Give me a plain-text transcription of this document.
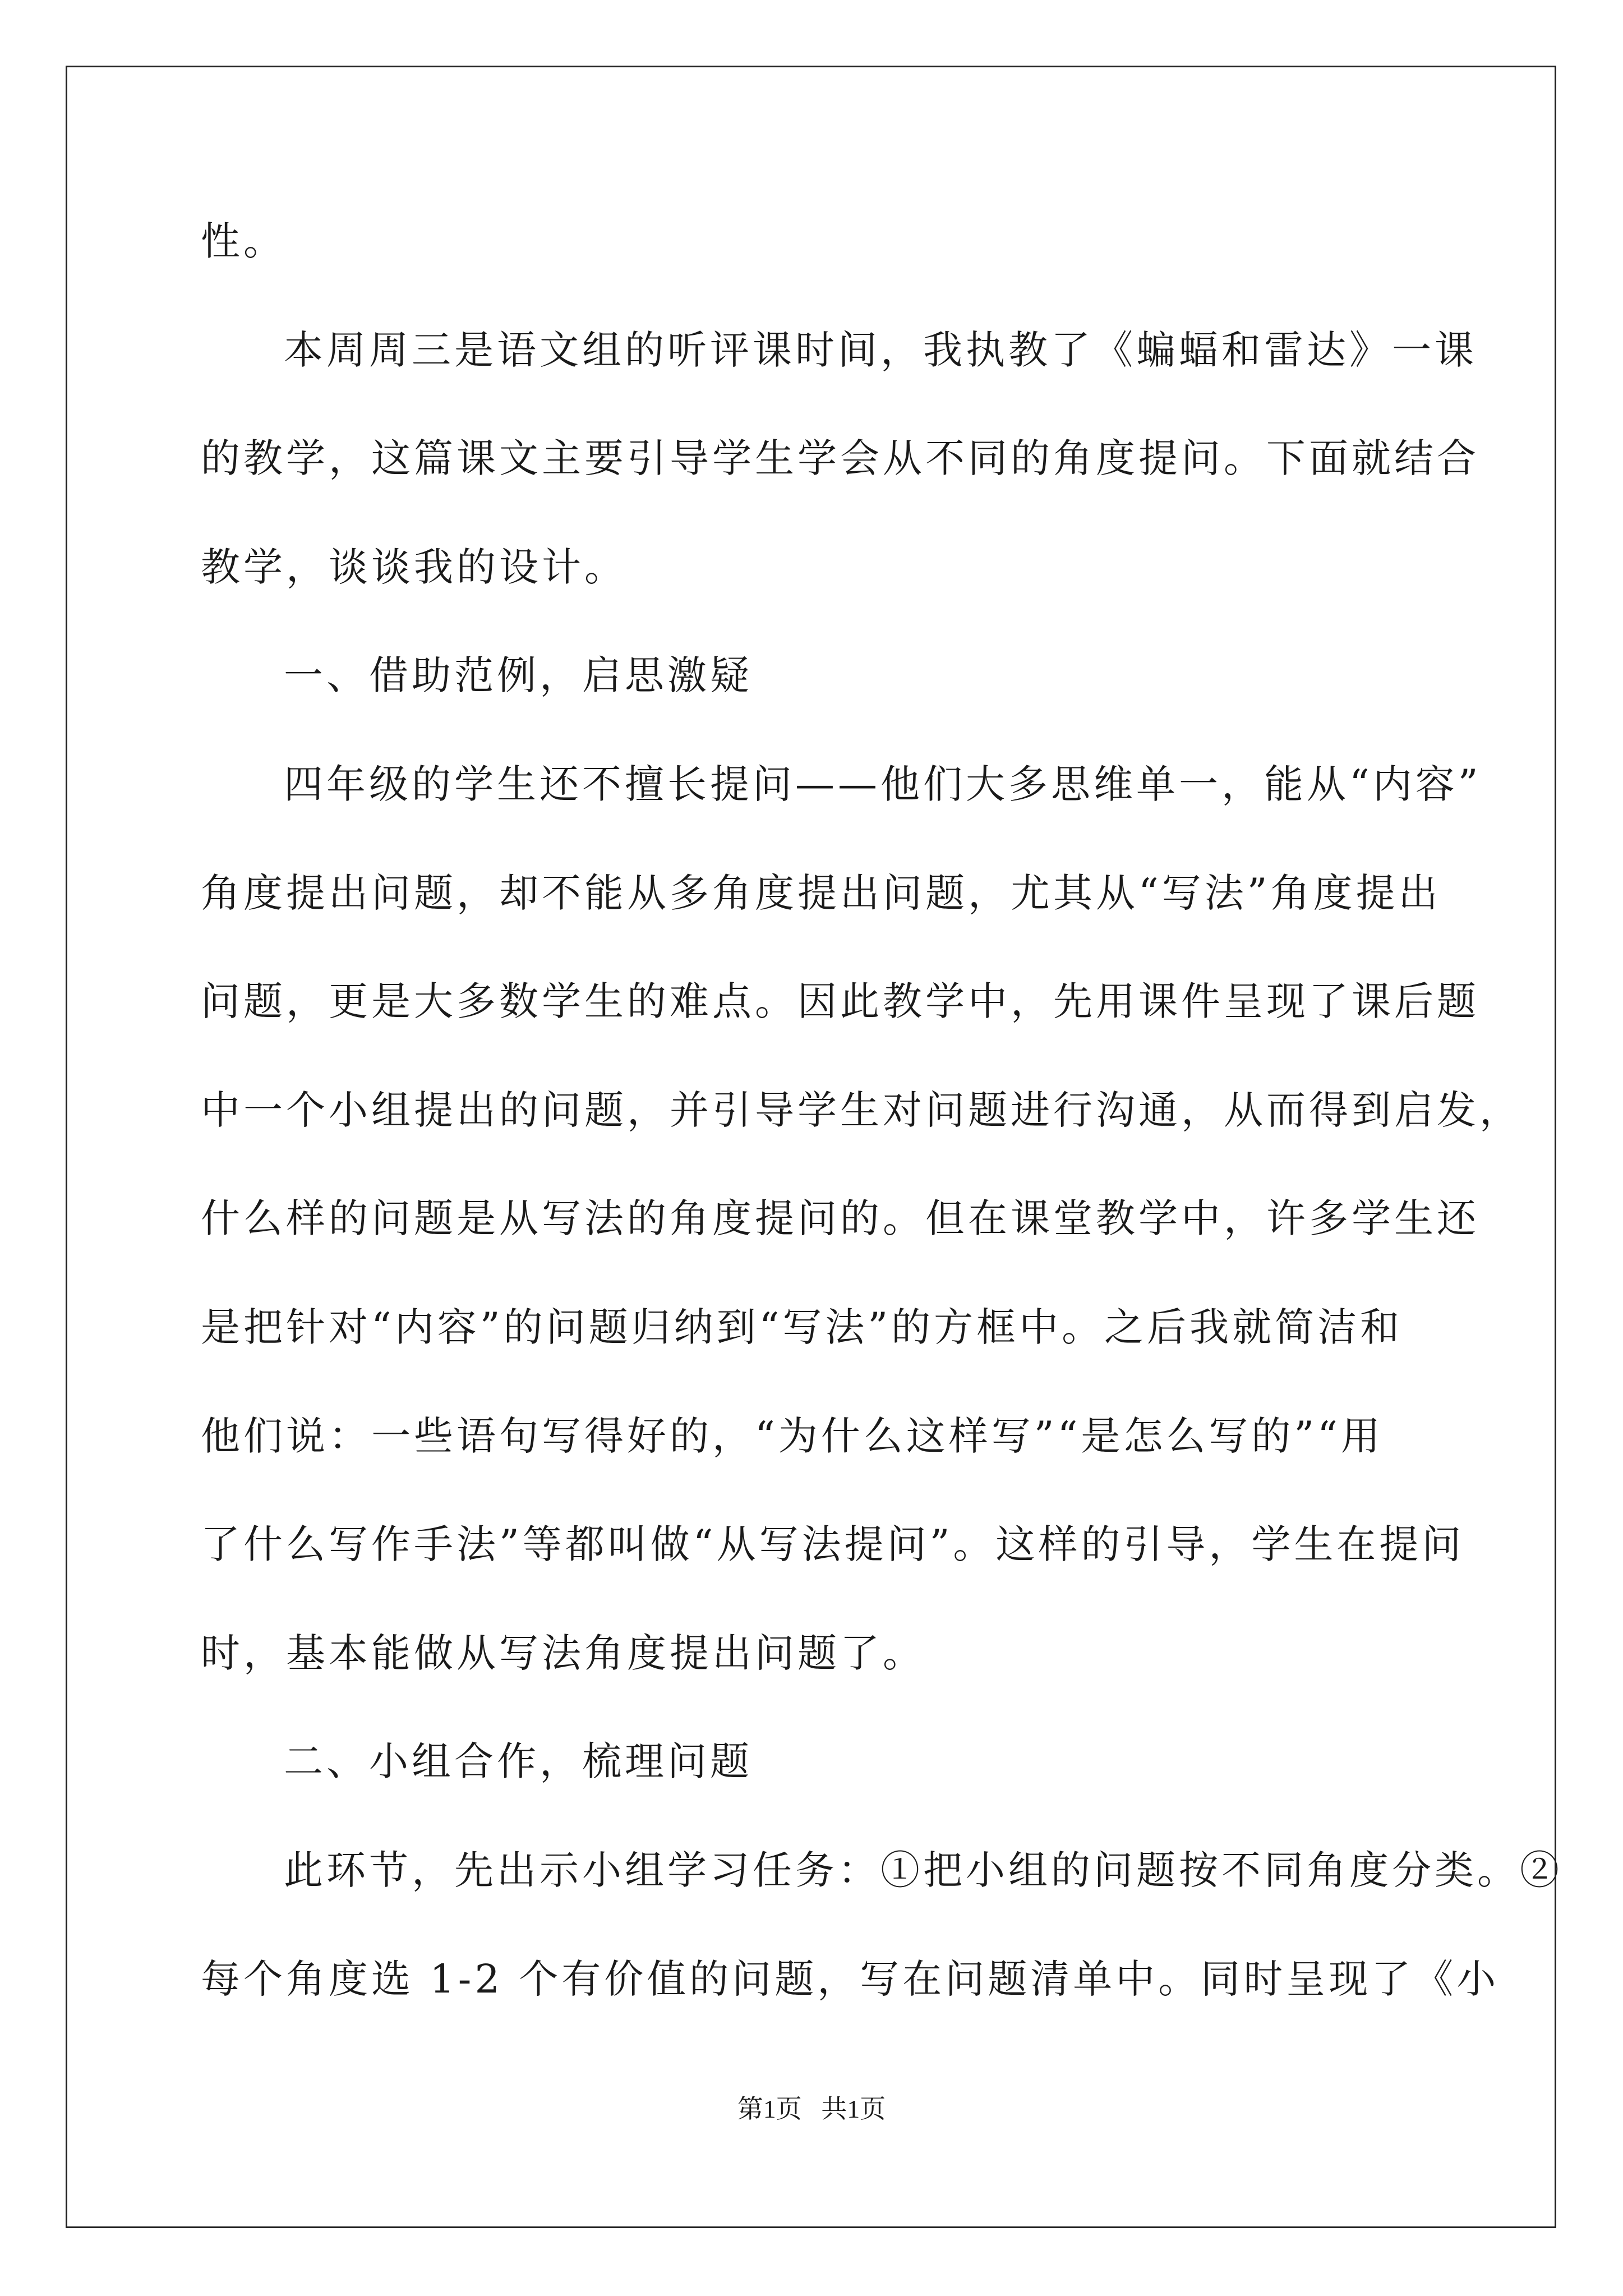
性。
本周周三是语文组的听评课时间，我执教了《蝙蝠和雷达》一课
的教学，这篇课文主要引导学生学会从不同的角度提问。下面就结合
教学，谈谈我的设计。
一、借助范例，启思激疑
四年级的学生还不擅长提问——他们大多思维单一，能从“内容”
角度提出问题，却不能从多角度提出问题，尤其从“写法”角度提出
问题，更是大多数学生的难点。因此教学中，先用课件呈现了课后题
中一个小组提出的问题，并引导学生对问题进行沟通，从而得到启发，
什么样的问题是从写法的角度提问的。但在课堂教学中，许多学生还
是把针对“内容”的问题归纳到“写法”的方框中。之后我就简洁和
他们说：一些语句写得好的，“为什么这样写”“是怎么写的”“用
了什么写作手法”等都叫做“从写法提问”。这样的引导，学生在提问
时，基本能做从写法角度提出问题了。
二、小组合作，梳理问题
此环节，先出示小组学习任务：①把小组的问题按不同角度分类。②
每个角度选 1-2 个有价值的问题，写在问题清单中。同时呈现了《小
第1页   共1页
